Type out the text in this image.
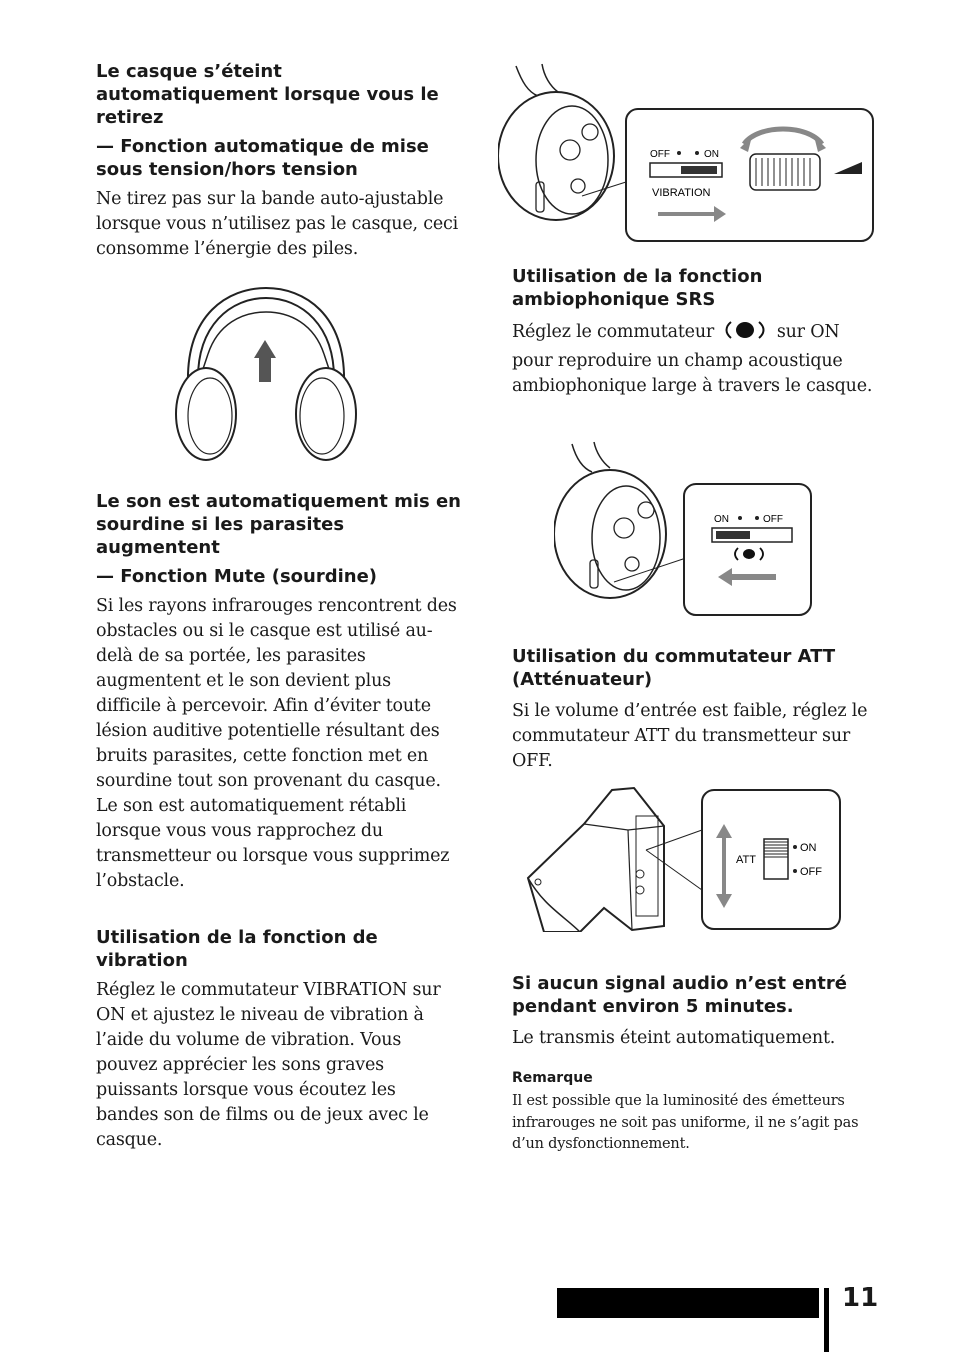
Le casque s’éteint automatiquement lorsque vous le retirez

— Fonction automatique de mise sous tension/hors tension

Ne tirez pas sur la bande auto-ajustable lorsque vous n’utilisez pas le casque, ceci consomme l’énergie des piles.

Le son est automatiquement mis en sourdine si les parasites augmentent

— Fonction Mute (sourdine)

Si les rayons infrarouges rencontrent des obstacles ou si le casque est utilisé au-delà de sa portée, les parasites augmentent et le son devient plus difficile à percevoir. Afin d’éviter toute lésion auditive potentielle résultant des bruits parasites, cette fonction met en sourdine tout son provenant du casque. Le son est automatiquement rétabli lorsque vous vous rapprochez du transmetteur ou lorsque vous supprimez l’obstacle.

Utilisation de la fonction de vibration

Réglez le commutateur VIBRATION sur ON et ajustez le niveau de vibration à l’aide du volume de vibration. Vous pouvez apprécier les sons graves puissants lorsque vous écoutez les bandes son de films ou de jeux avec le casque.

OFF	ON
VIBRATION

Utilisation de la fonction ambiophonique SRS

Réglez le commutateur	sur ON pour reproduire un champ acoustique ambiophonique large à travers le casque.

ON	OFF

Utilisation du commutateur ATT (Atténuateur)

Si le volume d’entrée est faible, réglez le commutateur ATT du transmetteur sur OFF.

ATT
ON
OFF

Si aucun signal audio n’est entré pendant environ 5 minutes.

Le transmis éteint automatiquement.

Remarque

Il est possible que la luminosité des émetteurs infrarouges ne soit pas uniforme, il ne s’agit pas d’un dysfonctionnement.

11
